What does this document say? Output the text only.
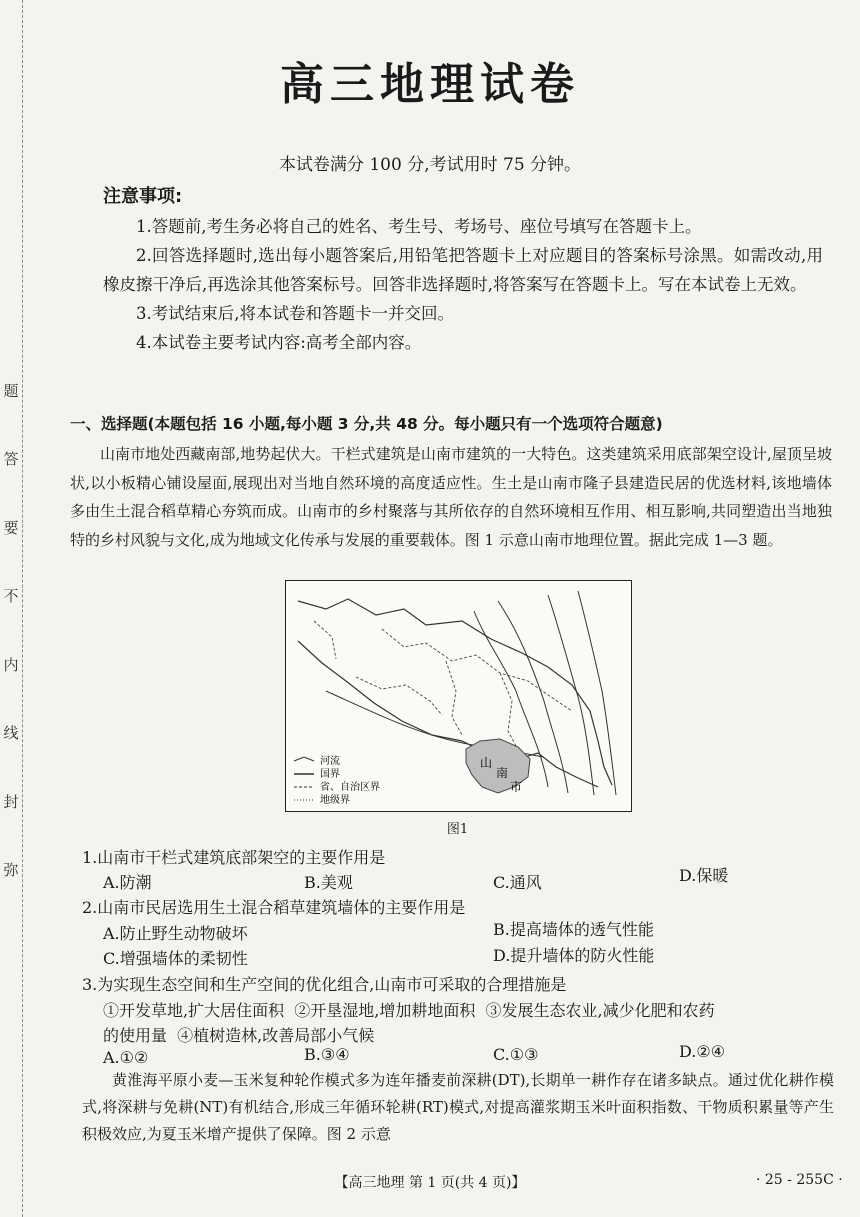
题
答
要
不
内
线
封
弥
高三地理试卷
本试卷满分 100 分,考试用时 75 分钟。
注意事项:

1.答题前,考生务必将自己的姓名、考生号、考场号、座位号填写在答题卡上。

2.回答选择题时,选出每小题答案后,用铅笔把答题卡上对应题目的答案标号涂黑。如需改动,用橡皮擦干净后,再选涂其他答案标号。回答非选择题时,将答案写在答题卡上。写在本试卷上无效。

3.考试结束后,将本试卷和答题卡一并交回。

4.本试卷主要考试内容:高考全部内容。

一、选择题(本题包括 16 小题,每小题 3 分,共 48 分。每小题只有一个选项符合题意)

山南市地处西藏南部,地势起伏大。干栏式建筑是山南市建筑的一大特色。这类建筑采用底部架空设计,屋顶呈坡状,以小板精心铺设屋面,展现出对当地自然环境的高度适应性。生土是山南市隆子县建造民居的优选材料,该地墙体多由生土混合稻草精心夯筑而成。山南市的乡村聚落与其所依存的自然环境相互作用、相互影响,共同塑造出当地独特的乡村风貌与文化,成为地域文化传承与发展的重要载体。图 1 示意山南市地理位置。据此完成 1—3 题。

山
南
市
河流
国界
省、自治区界
地级界
图1
1.山南市干栏式建筑底部架空的主要作用是
A.防潮	B.美观	C.通风	D.保暖
2.山南市民居选用生土混合稻草建筑墙体的主要作用是
A.防止野生动物破坏	B.提高墙体的透气性能
C.增强墙体的柔韧性	D.提升墙体的防火性能
3.为实现生态空间和生产空间的优化组合,山南市可采取的合理措施是
①开发草地,扩大居住面积  ②开垦湿地,增加耕地面积  ③发展生态农业,减少化肥和农药
的使用量  ④植树造林,改善局部小气候
A.①②	B.③④	C.①③	D.②④

黄淮海平原小麦—玉米复种轮作模式多为连年播麦前深耕(DT),长期单一耕作存在诸多缺点。通过优化耕作模式,将深耕与免耕(NT)有机结合,形成三年循环轮耕(RT)模式,对提高灌浆期玉米叶面积指数、干物质积累量等产生积极效应,为夏玉米增产提供了保障。图 2 示意

【高三地理 第 1 页(共 4 页)】	· 25 - 255C ·
